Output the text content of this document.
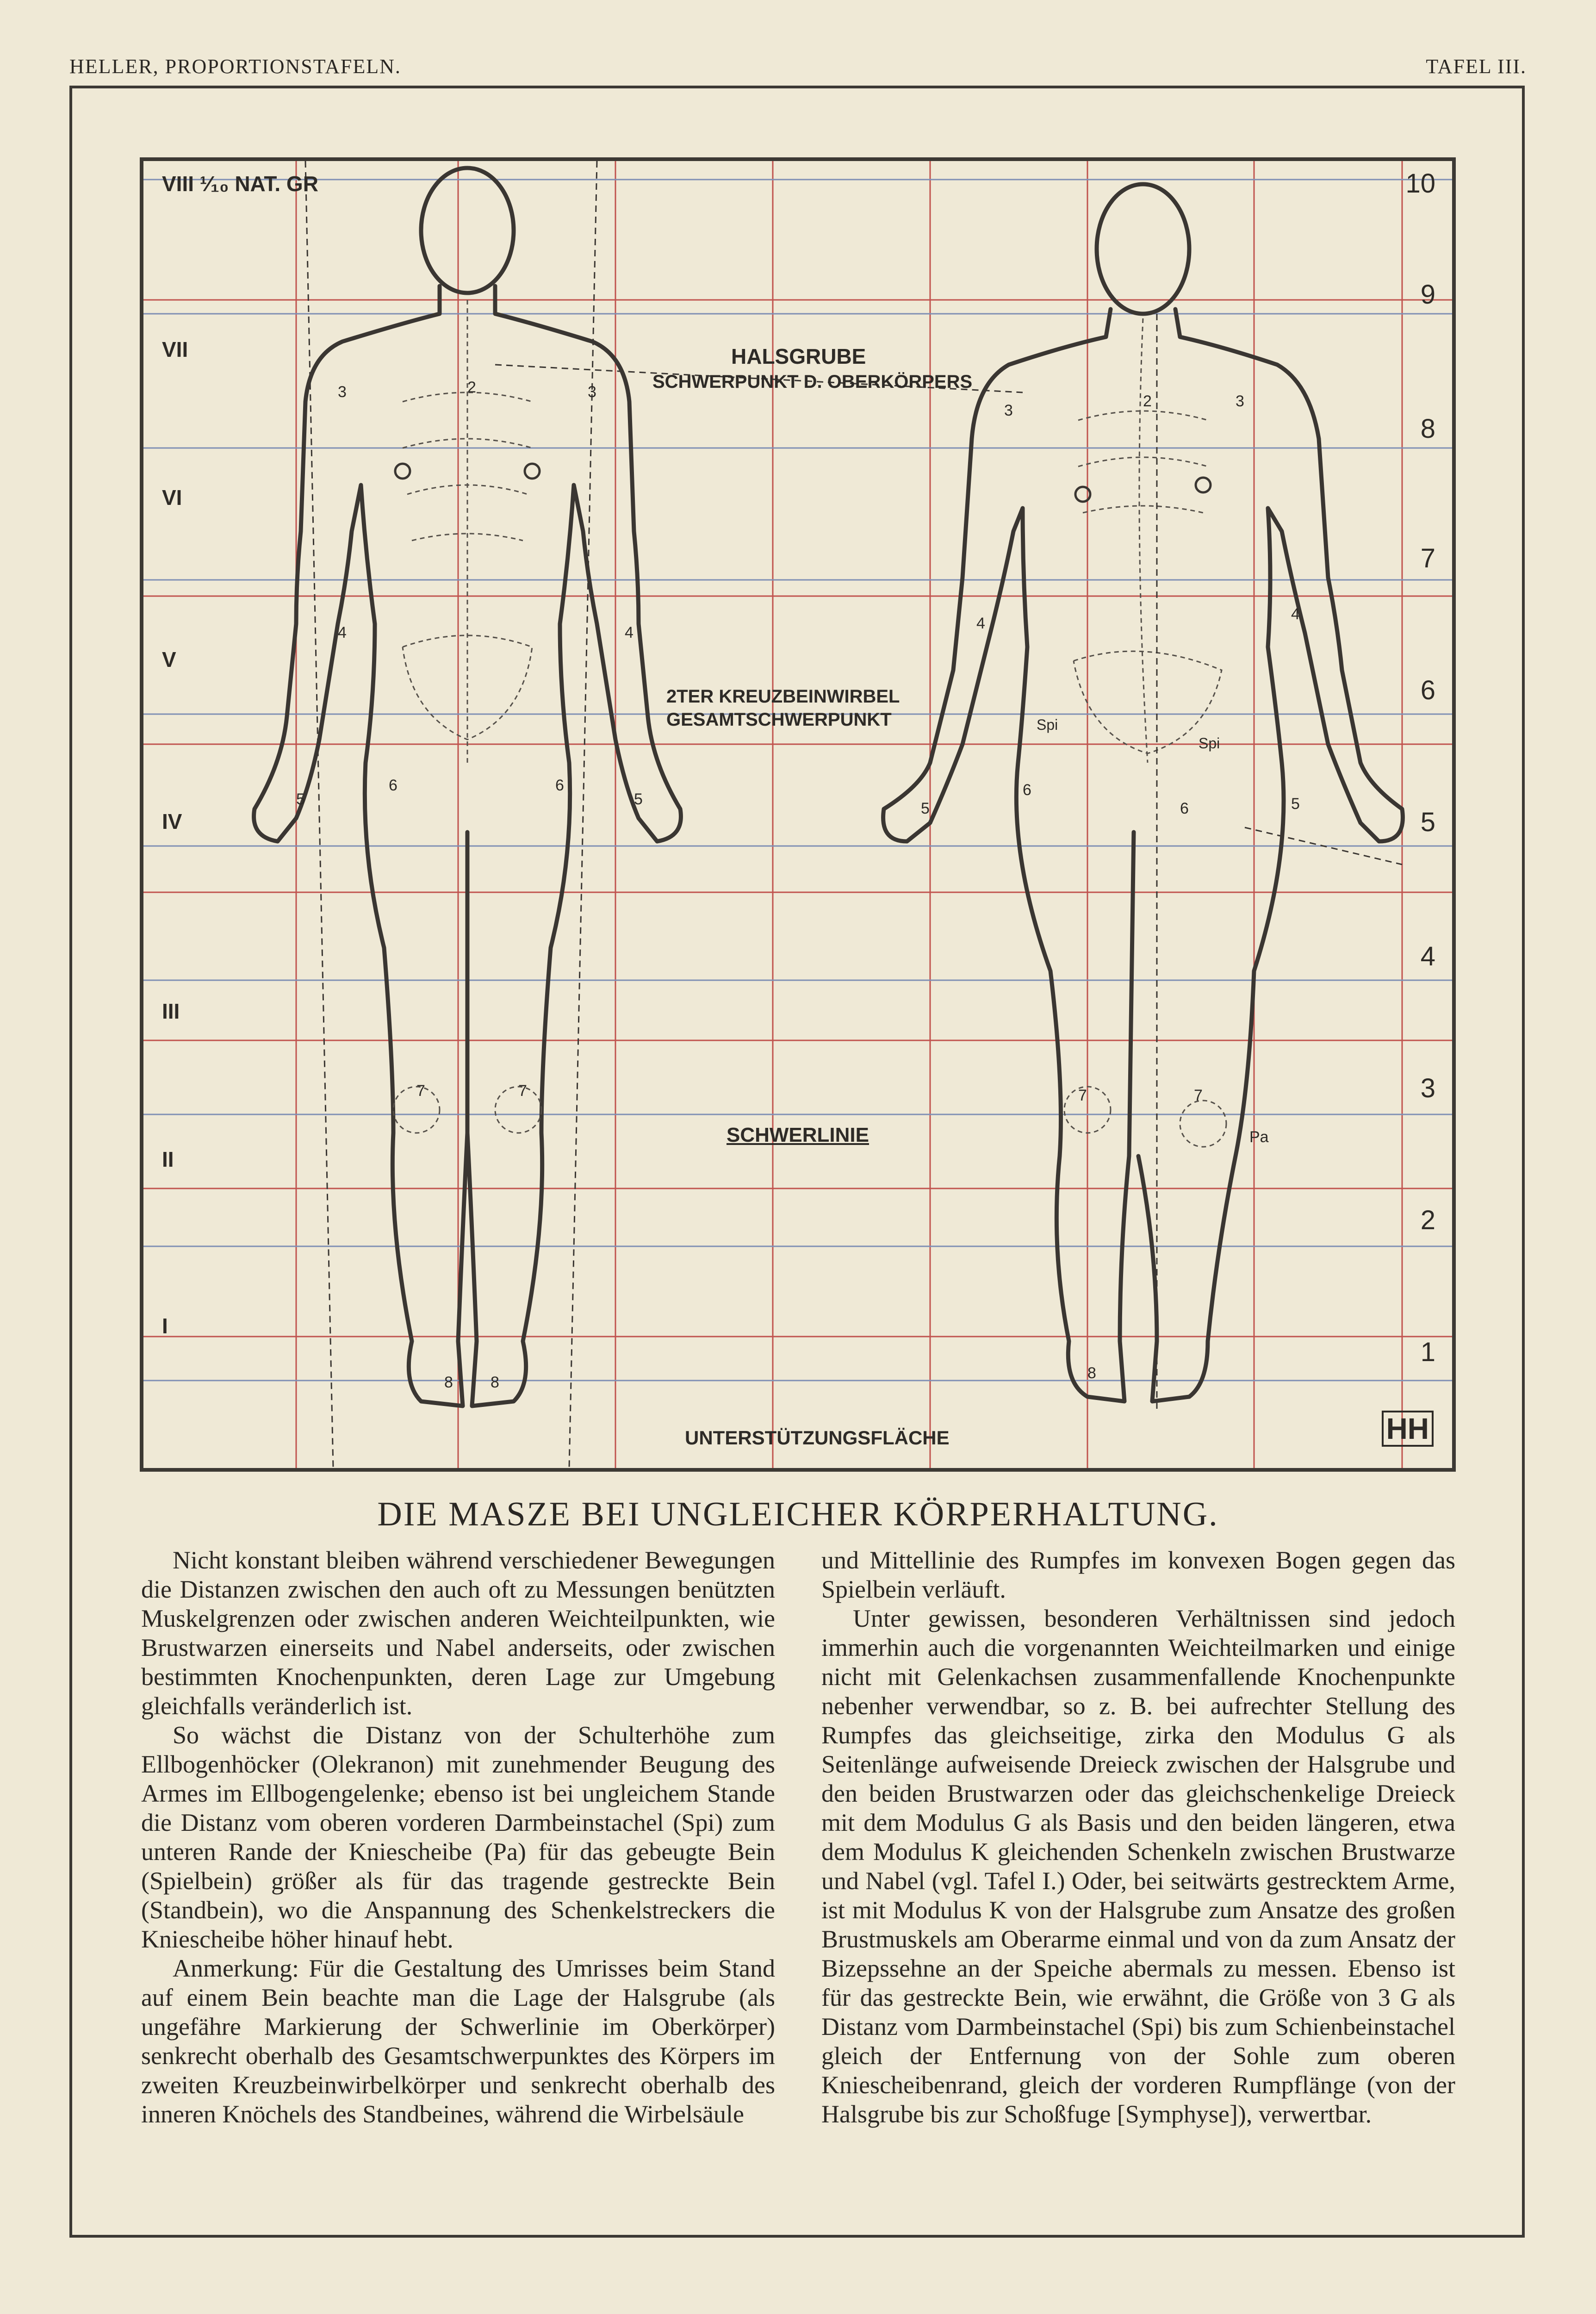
HELLER, PROPORTIONSTAFELN.	TAFEL III.
VIII ¹⁄₁₀ NAT. GR
VII
VI
V
IV
III
II
I
10
9
8
7
6
5
4
3
2
1
HALSGRUBE
SCHWERPUNKT D. OBERKÖRPERS
2TER KREUZBEINWIRBEL
GESAMTSCHWERPUNKT
SCHWERLINIE
UNTERSTÜTZUNGSFLÄCHE
Pa
Spi
Spi
HH
3	2	3
4	4
5	5
6	6
7	7
8 8
3
2	3
4
4
5	5
6
6
7	7
8
DIE MASZE BEI UNGLEICHER KÖRPERHALTUNG.

Nicht konstant bleiben während verschiedener Bewegungen die Distanzen zwischen den auch oft zu Messungen benützten Muskelgrenzen oder zwischen anderen Weichteilpunkten, wie Brustwarzen einerseits und Nabel anderseits, oder zwischen bestimmten Knochenpunkten, deren Lage zur Umgebung gleichfalls veränderlich ist.

So wächst die Distanz von der Schulterhöhe zum Ellbogenhöcker (Olekranon) mit zunehmender Beugung des Armes im Ellbogengelenke; ebenso ist bei ungleichem Stande die Distanz vom oberen vorderen Darmbeinstachel (Spi) zum unteren Rande der Kniescheibe (Pa) für das gebeugte Bein (Spielbein) größer als für das tragende gestreckte Bein (Standbein), wo die Anspannung des Schenkelstreckers die Kniescheibe höher hinauf hebt.

Anmerkung: Für die Gestaltung des Umrisses beim Stand auf einem Bein beachte man die Lage der Halsgrube (als ungefähre Markierung der Schwerlinie im Oberkörper) senkrecht oberhalb des Gesamtschwerpunktes des Körpers im zweiten Kreuzbeinwirbelkörper und senkrecht oberhalb des inneren Knöchels des Standbeines, während die Wirbelsäule

und Mittellinie des Rumpfes im konvexen Bogen gegen das Spielbein verläuft.

Unter gewissen, besonderen Verhältnissen sind jedoch immerhin auch die vorgenannten Weichteilmarken und einige nicht mit Gelenkachsen zusammenfallende Knochenpunkte nebenher verwendbar, so z. B. bei aufrechter Stellung des Rumpfes das gleichseitige, zirka den Modulus G als Seitenlänge aufweisende Dreieck zwischen der Halsgrube und den beiden Brustwarzen oder das gleichschenkelige Dreieck mit dem Modulus G als Basis und den beiden längeren, etwa dem Modulus K gleichenden Schenkeln zwischen Brustwarze und Nabel (vgl. Tafel I.) Oder, bei seitwärts gestrecktem Arme, ist mit Modulus K von der Halsgrube zum Ansatze des großen Brustmuskels am Oberarme einmal und von da zum Ansatz der Bizepssehne an der Speiche abermals zu messen. Ebenso ist für das gestreckte Bein, wie erwähnt, die Größe von 3 G als Distanz vom Darmbeinstachel (Spi) bis zum Schienbeinstachel gleich der Entfernung von der Sohle zum oberen Kniescheibenrand, gleich der vorderen Rumpflänge (von der Halsgrube bis zur Schoßfuge [Symphyse]), verwertbar.
